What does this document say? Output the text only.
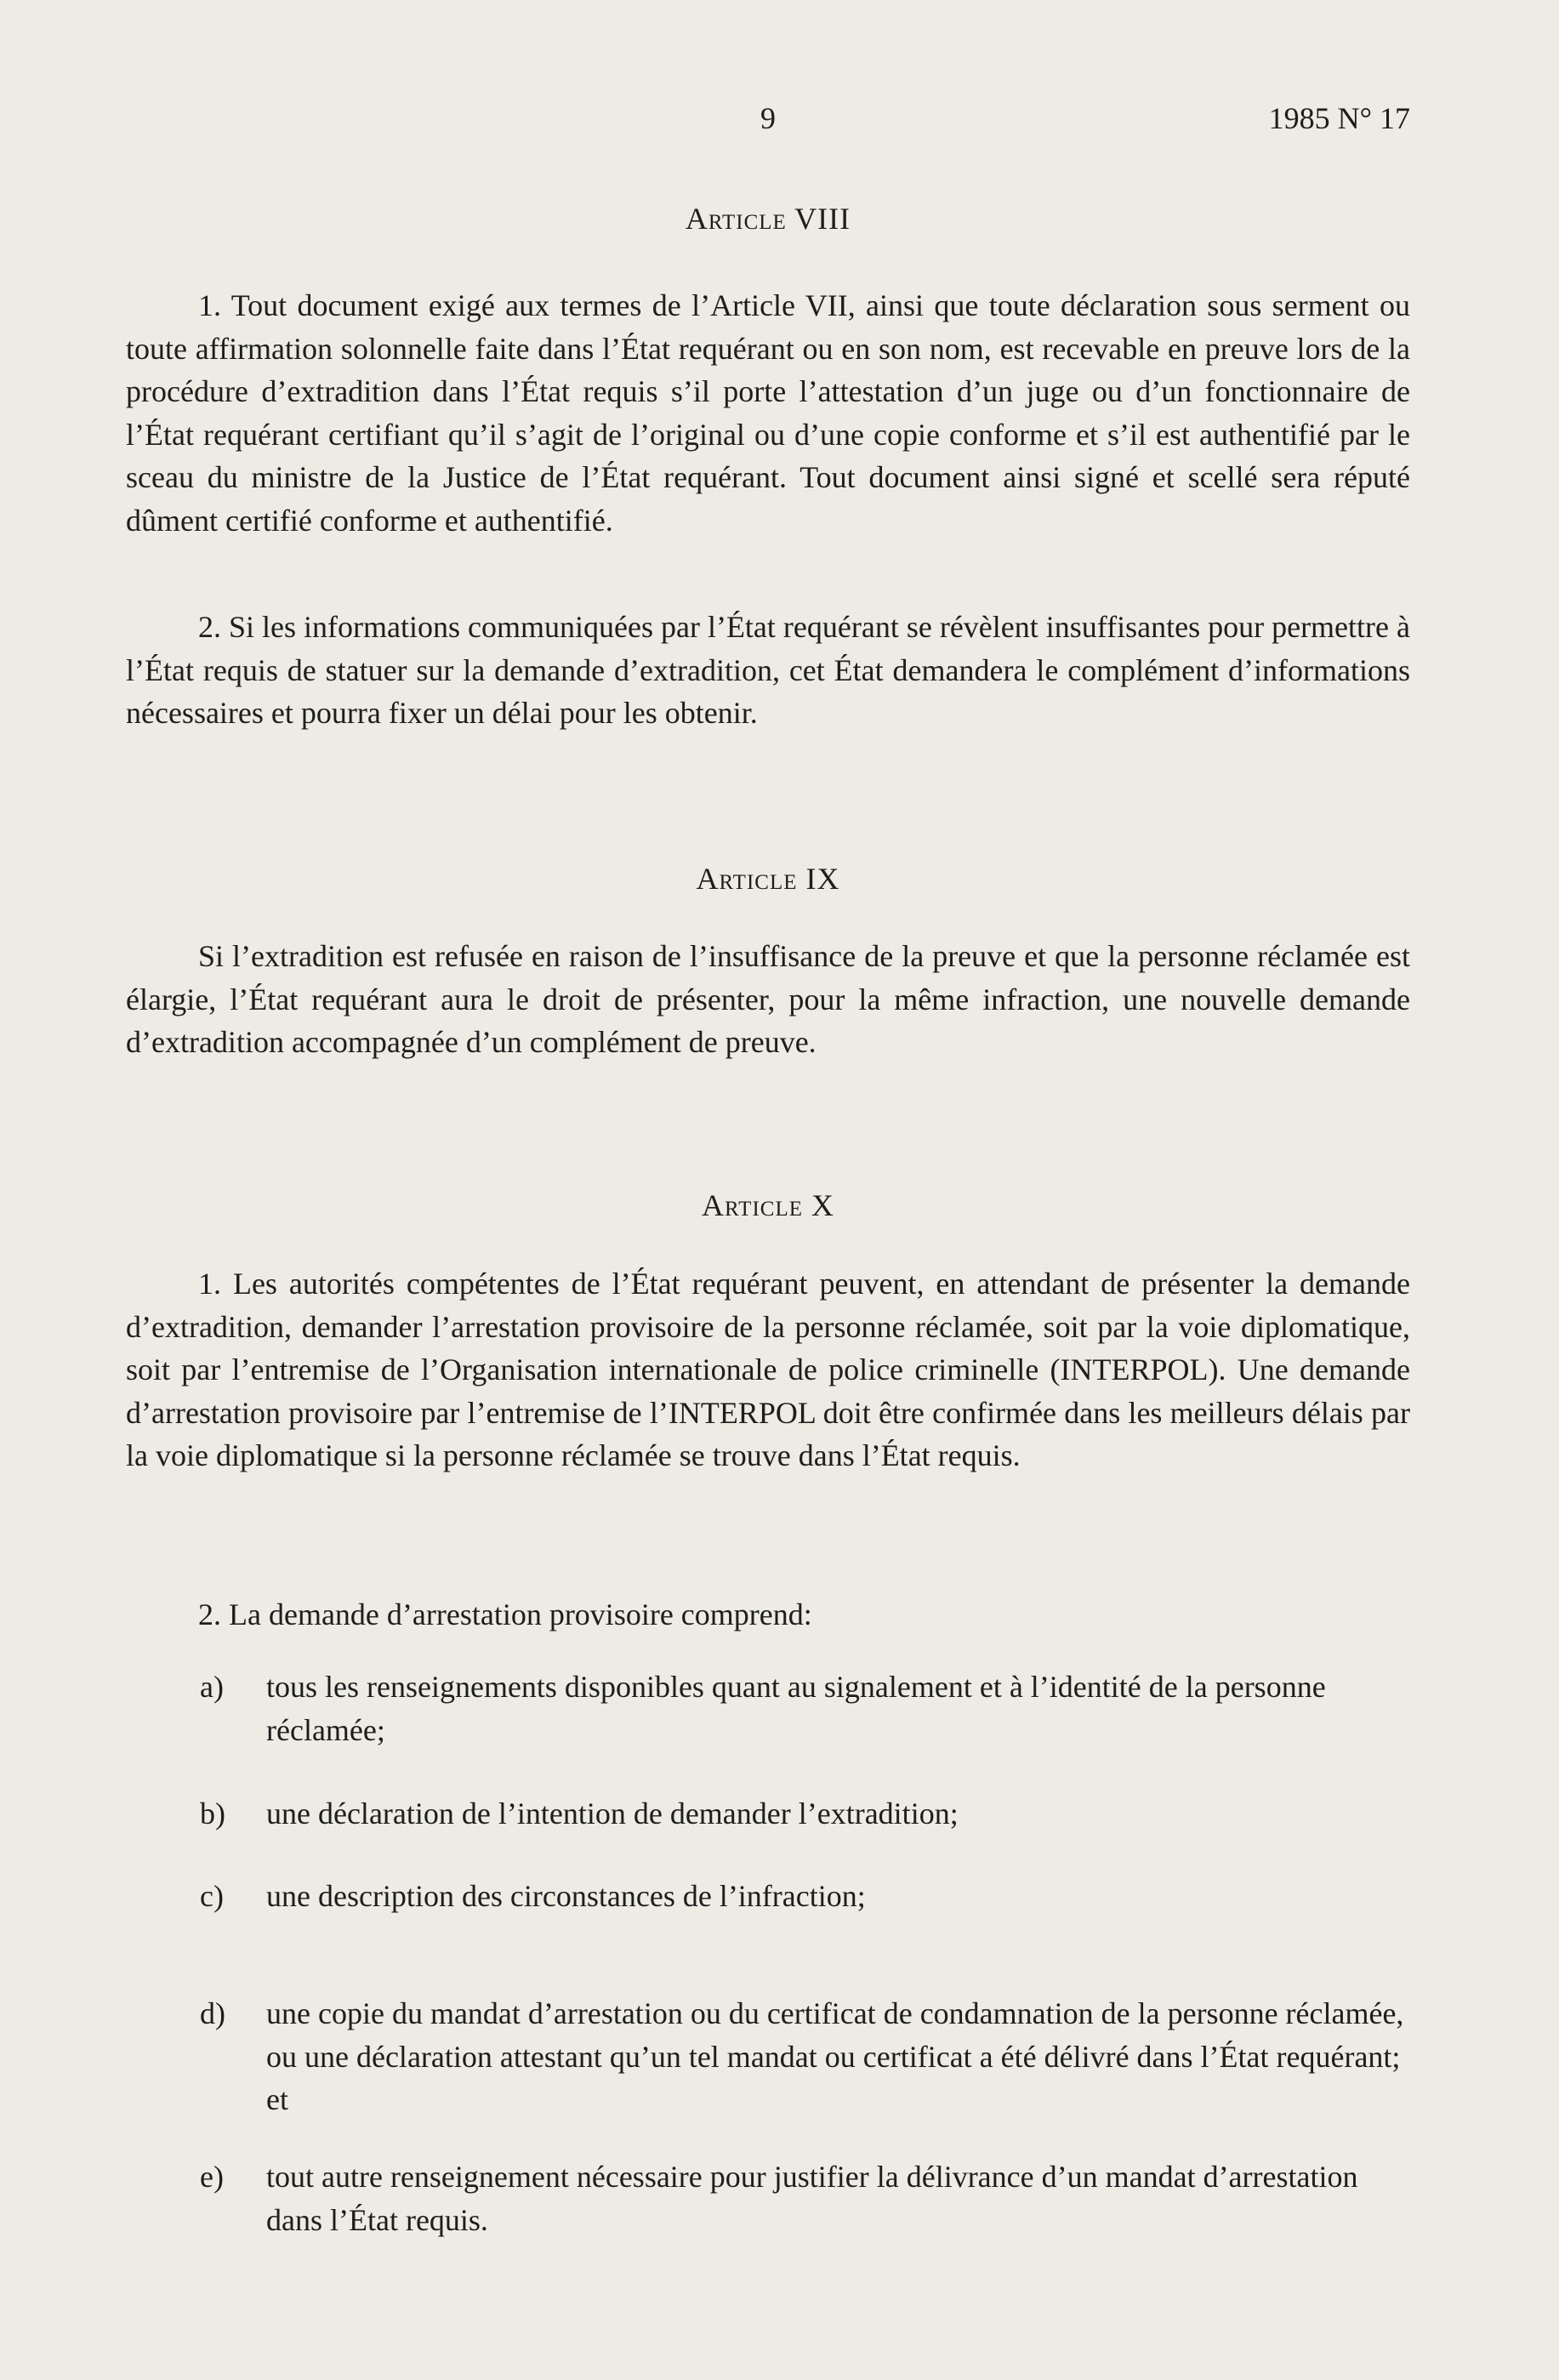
9	1985 N° 17
Article VIII

1. Tout document exigé aux termes de l’Article VII, ainsi que toute déclaration sous serment ou toute affirmation solonnelle faite dans l’État requérant ou en son nom, est recevable en preuve lors de la procédure d’extradition dans l’État requis s’il porte l’attestation d’un juge ou d’un fonctionnaire de l’État requérant certifiant qu’il s’agit de l’original ou d’une copie conforme et s’il est authentifié par le sceau du ministre de la Justice de l’État requérant. Tout document ainsi signé et scellé sera réputé dûment certifié conforme et authentifié.

2. Si les informations communiquées par l’État requérant se révèlent insuffisantes pour permettre à l’État requis de statuer sur la demande d’extradition, cet État demandera le complément d’informations nécessaires et pourra fixer un délai pour les obtenir.

Article IX

Si l’extradition est refusée en raison de l’insuffisance de la preuve et que la personne réclamée est élargie, l’État requérant aura le droit de présenter, pour la même infraction, une nouvelle demande d’extradition accompagnée d’un complément de preuve.

Article X

1. Les autorités compétentes de l’État requérant peuvent, en attendant de présenter la demande d’extradition, demander l’arrestation provisoire de la personne réclamée, soit par la voie diplomatique, soit par l’entremise de l’Organisation internationale de police criminelle (INTERPOL). Une demande d’arrestation provisoire par l’entremise de l’INTERPOL doit être confirmée dans les meilleurs délais par la voie diplomatique si la personne réclamée se trouve dans l’État requis.

2. La demande d’arrestation provisoire comprend:

a) tous les renseignements disponibles quant au signalement et à l’identité de la personne réclamée;
b) une déclaration de l’intention de demander l’extradition;
c) une description des circonstances de l’infraction;
d) une copie du mandat d’arrestation ou du certificat de condamnation de la personne réclamée, ou une déclaration attestant qu’un tel mandat ou certificat a été délivré dans l’État requérant; et
e) tout autre renseignement nécessaire pour justifier la délivrance d’un mandat d’arrestation dans l’État requis.
